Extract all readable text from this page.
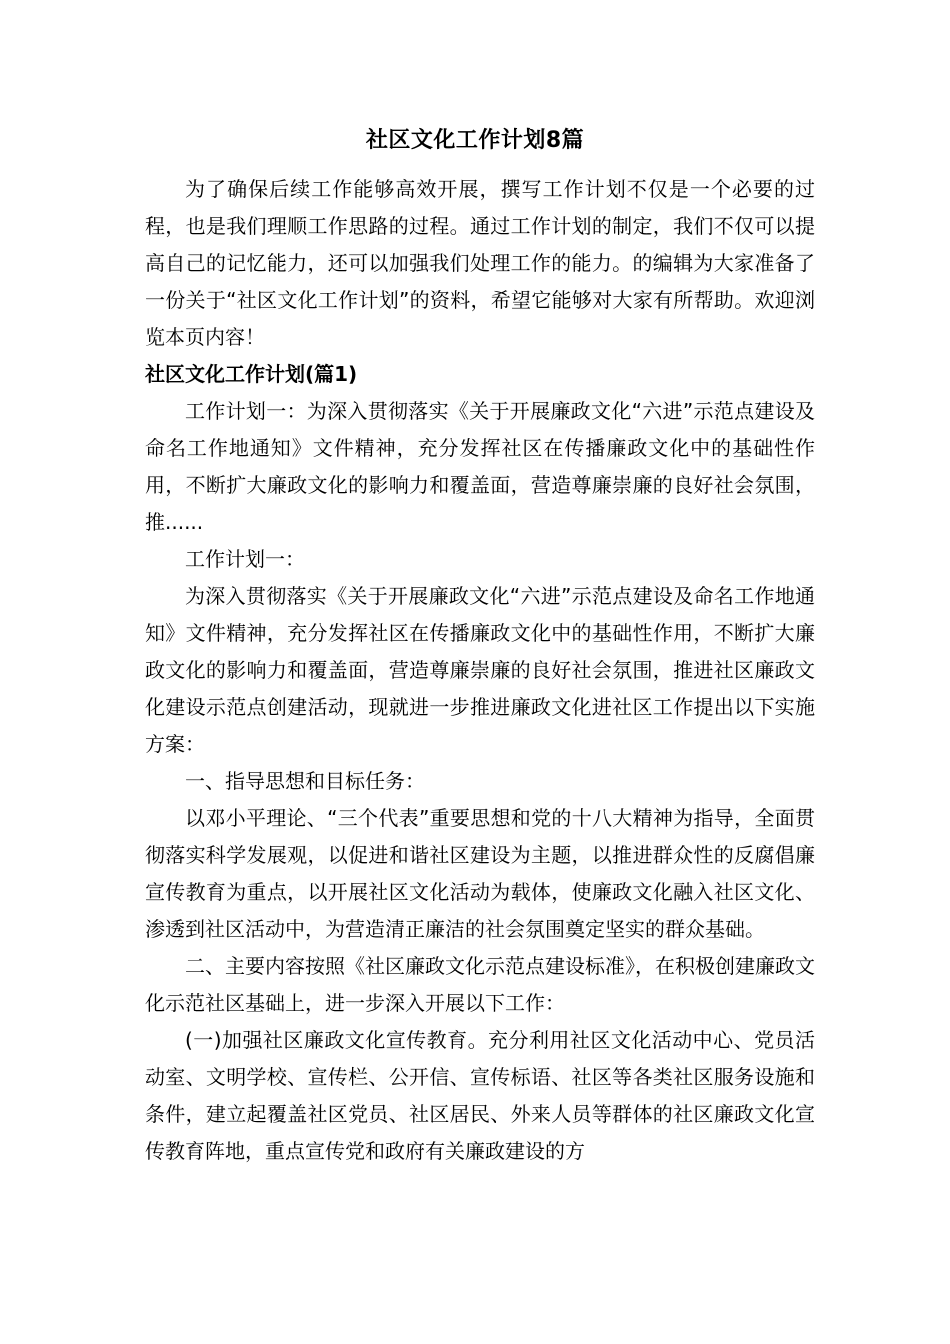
社区文化工作计划8篇

为了确保后续工作能够高效开展，撰写工作计划不仅是一个必要的过程，也是我们理顺工作思路的过程。通过工作计划的制定，我们不仅可以提高自己的记忆能力，还可以加强我们处理工作的能力。的编辑为大家准备了一份关于“社区文化工作计划”的资料，希望它能够对大家有所帮助。欢迎浏览本页内容！

社区文化工作计划(篇1)

工作计划一：为深入贯彻落实《关于开展廉政文化“六进”示范点建设及命名工作地通知》文件精神，充分发挥社区在传播廉政文化中的基础性作用，不断扩大廉政文化的影响力和覆盖面，营造尊廉崇廉的良好社会氛围，推......

工作计划一：

为深入贯彻落实《关于开展廉政文化“六进”示范点建设及命名工作地通知》文件精神，充分发挥社区在传播廉政文化中的基础性作用，不断扩大廉政文化的影响力和覆盖面，营造尊廉崇廉的良好社会氛围，推进社区廉政文化建设示范点创建活动，现就进一步推进廉政文化进社区工作提出以下实施方案：

一、指导思想和目标任务：

以邓小平理论、“三个代表”重要思想和党的十八大精神为指导，全面贯彻落实科学发展观，以促进和谐社区建设为主题，以推进群众性的反腐倡廉宣传教育为重点，以开展社区文化活动为载体，使廉政文化融入社区文化、渗透到社区活动中，为营造清正廉洁的社会氛围奠定坚实的群众基础。

二、主要内容按照《社区廉政文化示范点建设标准》，在积极创建廉政文化示范社区基础上，进一步深入开展以下工作：

(一)加强社区廉政文化宣传教育。充分利用社区文化活动中心、党员活动室、文明学校、宣传栏、公开信、宣传标语、社区等各类社区服务设施和条件，建立起覆盖社区党员、社区居民、外来人员等群体的社区廉政文化宣传教育阵地，重点宣传党和政府有关廉政建设的方
